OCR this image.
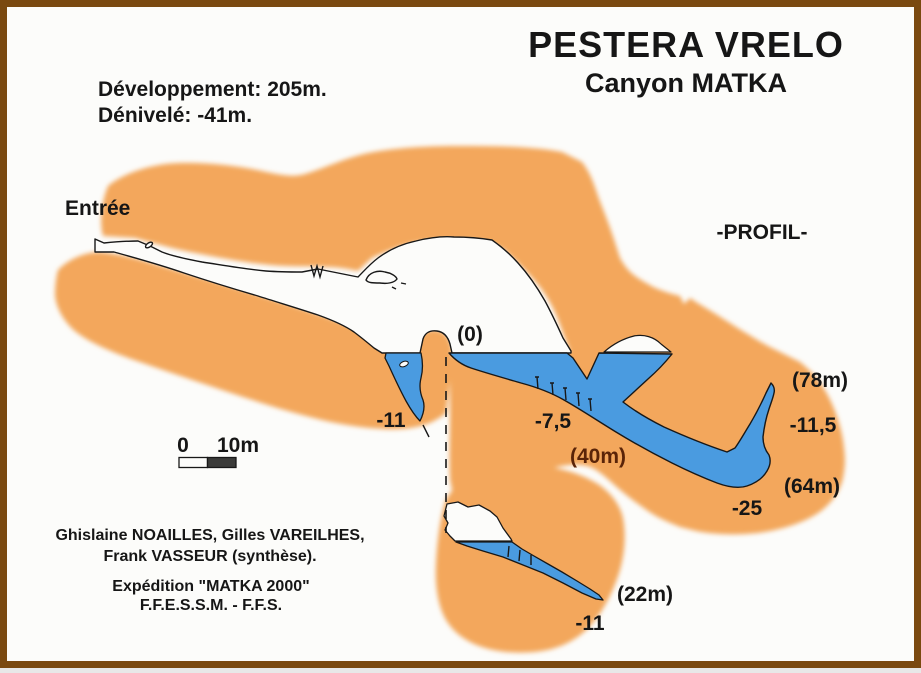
0 10m
PESTERA VRELO
Canyon MATKA
Développement: 205m.
Dénivelé: -41m.
Entrée
-PROFIL-
(0)
-11	-7,5
(40m)
(78m)
-11,5
(64m)
-25
(22m)
-11
Ghislaine NOAILLES, Gilles VAREILHES,
Frank VASSEUR (synthèse).
Expédition "MATKA 2000"
F.F.E.S.S.M. - F.F.S.
